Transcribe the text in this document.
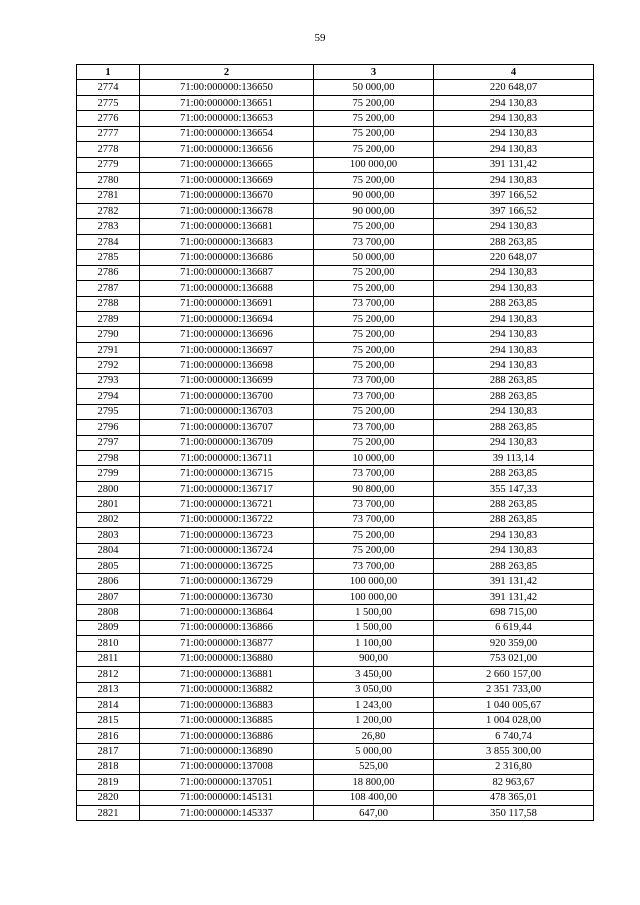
59
1	2	3	4
2774	71:00:000000:136650	50 000,00	220 648,07
2775	71:00:000000:136651	75 200,00	294 130,83
2776	71:00:000000:136653	75 200,00	294 130,83
2777	71:00:000000:136654	75 200,00	294 130,83
2778	71:00:000000:136656	75 200,00	294 130,83
2779	71:00:000000:136665	100 000,00	391 131,42
2780	71:00:000000:136669	75 200,00	294 130,83
2781	71:00:000000:136670	90 000,00	397 166,52
2782	71:00:000000:136678	90 000,00	397 166,52
2783	71:00:000000:136681	75 200,00	294 130,83
2784	71:00:000000:136683	73 700,00	288 263,85
2785	71:00:000000:136686	50 000,00	220 648,07
2786	71:00:000000:136687	75 200,00	294 130,83
2787	71:00:000000:136688	75 200,00	294 130,83
2788	71:00:000000:136691	73 700,00	288 263,85
2789	71:00:000000:136694	75 200,00	294 130,83
2790	71:00:000000:136696	75 200,00	294 130,83
2791	71:00:000000:136697	75 200,00	294 130,83
2792	71:00:000000:136698	75 200,00	294 130,83
2793	71:00:000000:136699	73 700,00	288 263,85
2794	71:00:000000:136700	73 700,00	288 263,85
2795	71:00:000000:136703	75 200,00	294 130,83
2796	71:00:000000:136707	73 700,00	288 263,85
2797	71:00:000000:136709	75 200,00	294 130,83
2798	71:00:000000:136711	10 000,00	39 113,14
2799	71:00:000000:136715	73 700,00	288 263,85
2800	71:00:000000:136717	90 800,00	355 147,33
2801	71:00:000000:136721	73 700,00	288 263,85
2802	71:00:000000:136722	73 700,00	288 263,85
2803	71:00:000000:136723	75 200,00	294 130,83
2804	71:00:000000:136724	75 200,00	294 130,83
2805	71:00:000000:136725	73 700,00	288 263,85
2806	71:00:000000:136729	100 000,00	391 131,42
2807	71:00:000000:136730	100 000,00	391 131,42
2808	71:00:000000:136864	1 500,00	698 715,00
2809	71:00:000000:136866	1 500,00	6 619,44
2810	71:00:000000:136877	1 100,00	920 359,00
2811	71:00:000000:136880	900,00	753 021,00
2812	71:00:000000:136881	3 450,00	2 660 157,00
2813	71:00:000000:136882	3 050,00	2 351 733,00
2814	71:00:000000:136883	1 243,00	1 040 005,67
2815	71:00:000000:136885	1 200,00	1 004 028,00
2816	71:00:000000:136886	26,80	6 740,74
2817	71:00:000000:136890	5 000,00	3 855 300,00
2818	71:00:000000:137008	525,00	2 316,80
2819	71:00:000000:137051	18 800,00	82 963,67
2820	71:00:000000:145131	108 400,00	478 365,01
2821	71:00:000000:145337	647,00	350 117,58
